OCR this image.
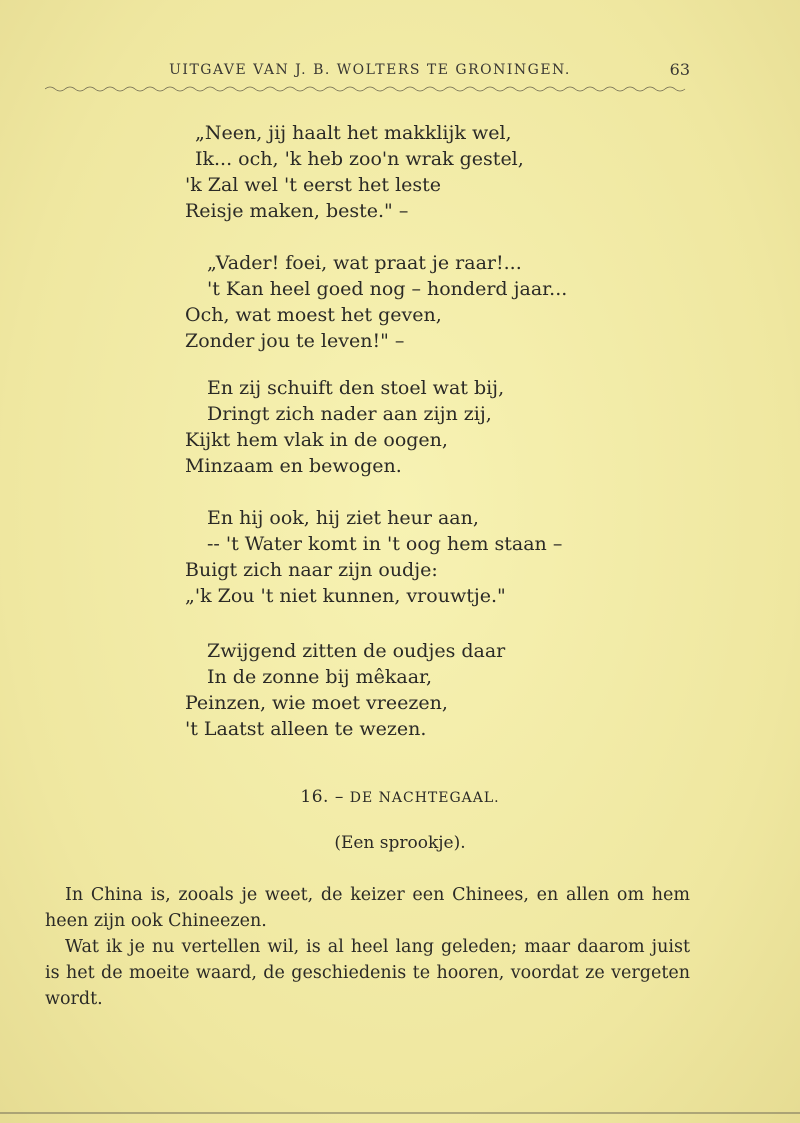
UITGAVE VAN J. B. WOLTERS TE GRONINGEN.	63
„Neen, jij haalt het makklijk wel,
Ik... och, 'k heb zoo'n wrak gestel,
'k Zal wel 't eerst het leste
Reisje maken, beste." –
„Vader! foei, wat praat je raar!...
't Kan heel goed nog – honderd jaar...
Och, wat moest het geven,
Zonder jou te leven!" –
En zij schuift den stoel wat bij,
Dringt zich nader aan zijn zij,
Kijkt hem vlak in de oogen,
Minzaam en bewogen.
En hij ook, hij ziet heur aan,
-- 't Water komt in 't oog hem staan –
Buigt zich naar zijn oudje:
„'k Zou 't niet kunnen, vrouwtje."
Zwijgend zitten de oudjes daar
In de zonne bij mêkaar,
Peinzen, wie moet vreezen,
't Laatst alleen te wezen.
16. – DE NACHTEGAAL.
(Een sprookje).

In China is, zooals je weet, de keizer een Chinees, en allen om hem heen zijn ook Chineezen.

Wat ik je nu vertellen wil, is al heel lang geleden; maar daarom juist is het de moeite waard, de geschiedenis te hooren, voordat ze vergeten wordt.
